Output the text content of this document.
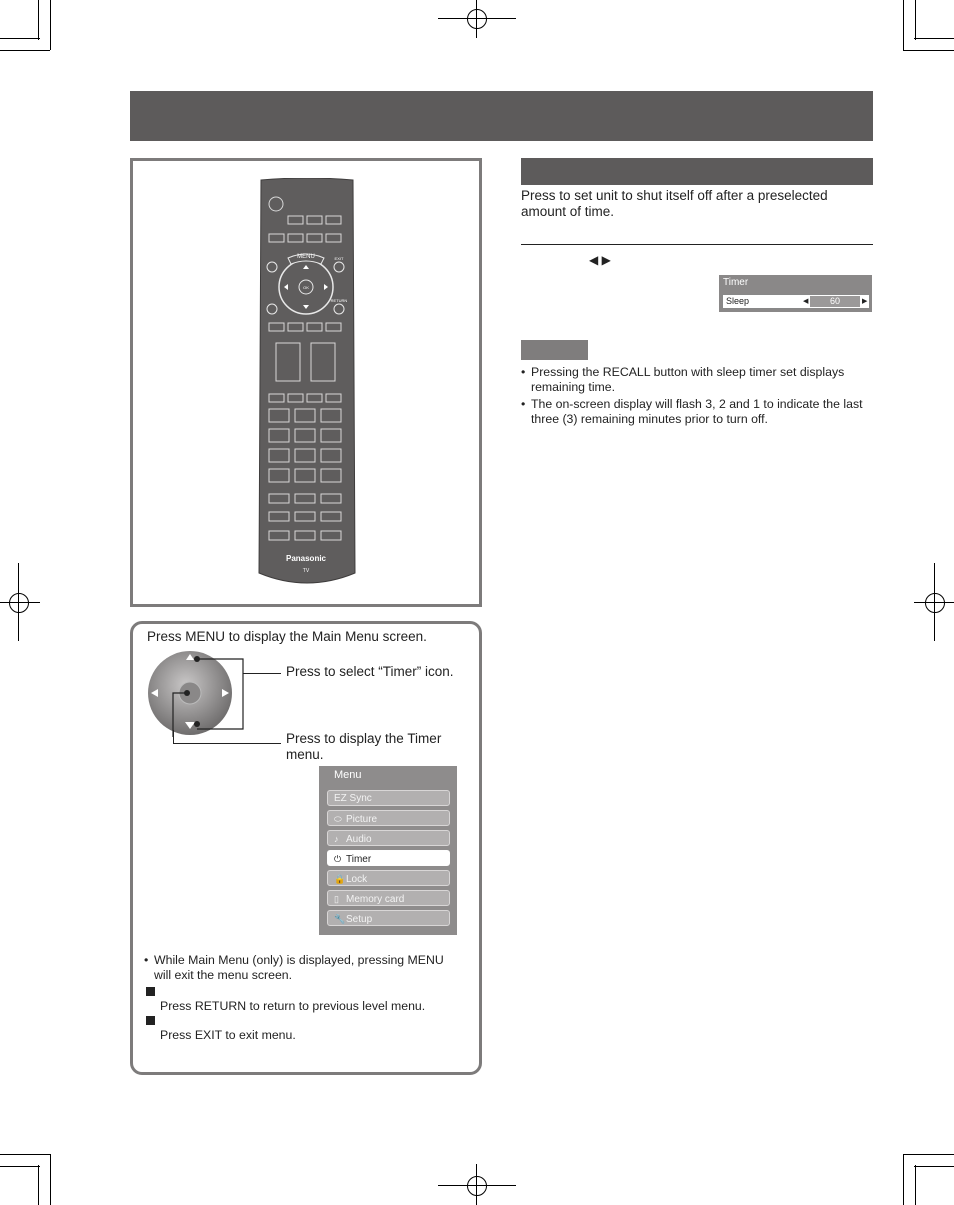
MENU
OK
EXIT
RETURN
Panasonic
TV
Press MENU to display the Main Menu screen.
Press to select “Timer” icon.
Press to display the Timer
menu.
Menu
EZ Sync
⬭ Picture
♪ Audio
⏻ Timer
🔒Lock
▯ Memory card
🔧Setup
• While Main Menu (only) is displayed, pressing MENU
will exit the menu screen.
Press RETURN to return to previous level menu.
Press EXIT to exit menu.
Press to set unit to shut itself off after a preselected
amount of time.
◀ ▶
Timer
Sleep	◀	60	▶
• Pressing the RECALL button with sleep timer set displays
remaining time.
• The on-screen display will flash 3, 2 and 1 to indicate the last
three (3) remaining minutes prior to turn off.
